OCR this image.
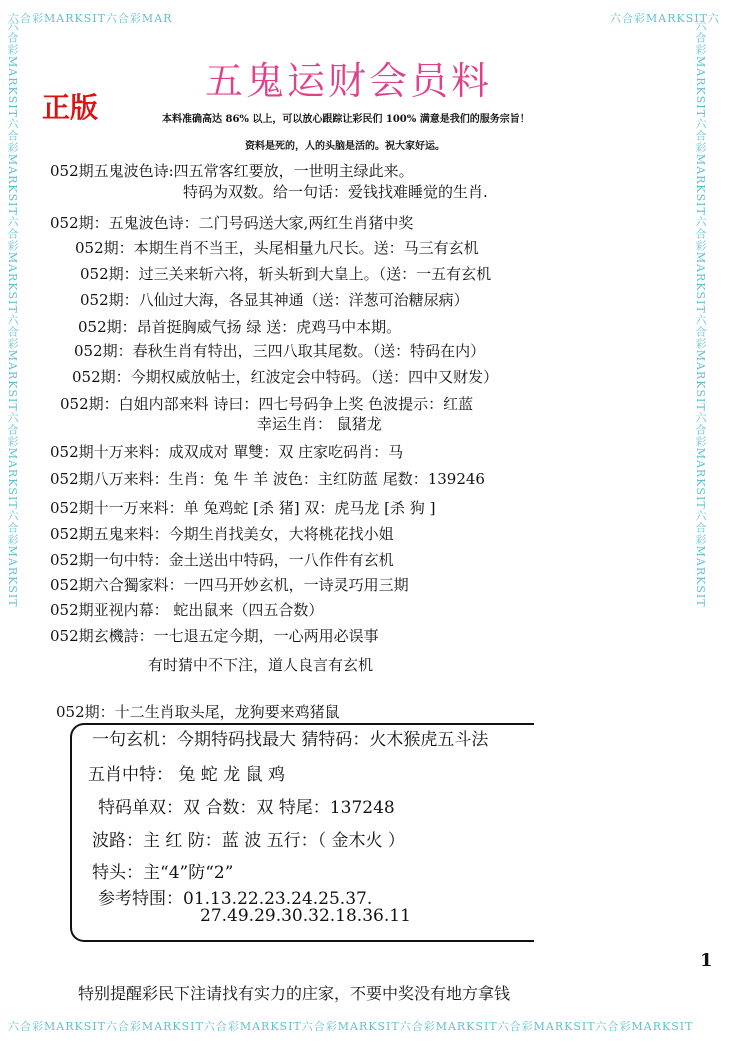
六合彩MARKSIT六合彩MAR	六合彩MARKSIT六
六合彩MARKSIT六合彩MARKSIT六合彩MARKSIT六合彩MARKSIT六合彩MARKSIT六合彩MARKSIT	六合彩MARKSIT六合彩MARKSIT六合彩MARKSIT六合彩MARKSIT六合彩MARKSIT六合彩MARKSIT
六合彩MARKSIT六合彩MARKSIT六合彩MARKSIT六合彩MARKSIT六合彩MARKSIT六合彩MARKSIT六合彩MARKSIT
五鬼运财会员料
正版	本料准确高达 86% 以上，可以放心跟踪让彩民们 100% 满意是我们的服务宗旨！
资料是死的，人的头脑是活的。祝大家好运。
052期五鬼波色诗:四五常客红要放，一世明主绿此来。
特码为双数。给一句话：爱钱找难睡觉的生肖.
052期：五鬼波色诗：二门号码送大家,两红生肖猪中奖
052期：本期生肖不当王，头尾相量九尺长。送：马三有玄机
052期：过三关来斩六将，斩头斩到大皇上。（送：一五有玄机
052期：八仙过大海，各显其神通（送：洋葱可治糖尿病）
052期：昂首挺胸威气扬 绿 送：虎鸡马中本期。
052期：春秋生肖有特出，三四八取其尾数。（送：特码在内）
052期：今期权威放帖士，红波定会中特码。（送：四中又财发）
052期：白姐内部来料 诗曰：四七号码争上奖 色波提示：红蓝
幸运生肖： 鼠猪龙
052期十万来料：成双成对 單雙：双 庄家吃码肖：马
052期八万来料：生肖：兔 牛 羊 波色：主红防蓝 尾数：139246
052期十一万来料：单 兔鸡蛇 [杀 猪] 双：虎马龙 [杀 狗 ]
052期五鬼来料：今期生肖找美女，大将桃花找小姐
052期一句中特：金土送出中特码，一八作件有玄机
052期六合獨家料：一四马开妙玄机，一诗灵巧用三期
052期亚视内幕： 蛇出鼠来（四五合数）
052期玄機詩：一七退五定今期，一心两用必误事
有时猜中不下注，道人良言有玄机
052期：十二生肖取头尾，龙狗要来鸡猪鼠
一句玄机：今期特码找最大 猜特码：火木猴虎五斗法
五肖中特： 兔 蛇 龙 鼠 鸡
特码单双：双 合数：双 特尾：137248
波路：主 红 防：蓝 波 五行：（ 金木火 ）
特头：主“4”防“2”
参考特围：01.13.22.23.24.25.37.
27.49.29.30.32.18.36.11
特别提醒彩民下注请找有实力的庄家，不要中奖没有地方拿钱
1
